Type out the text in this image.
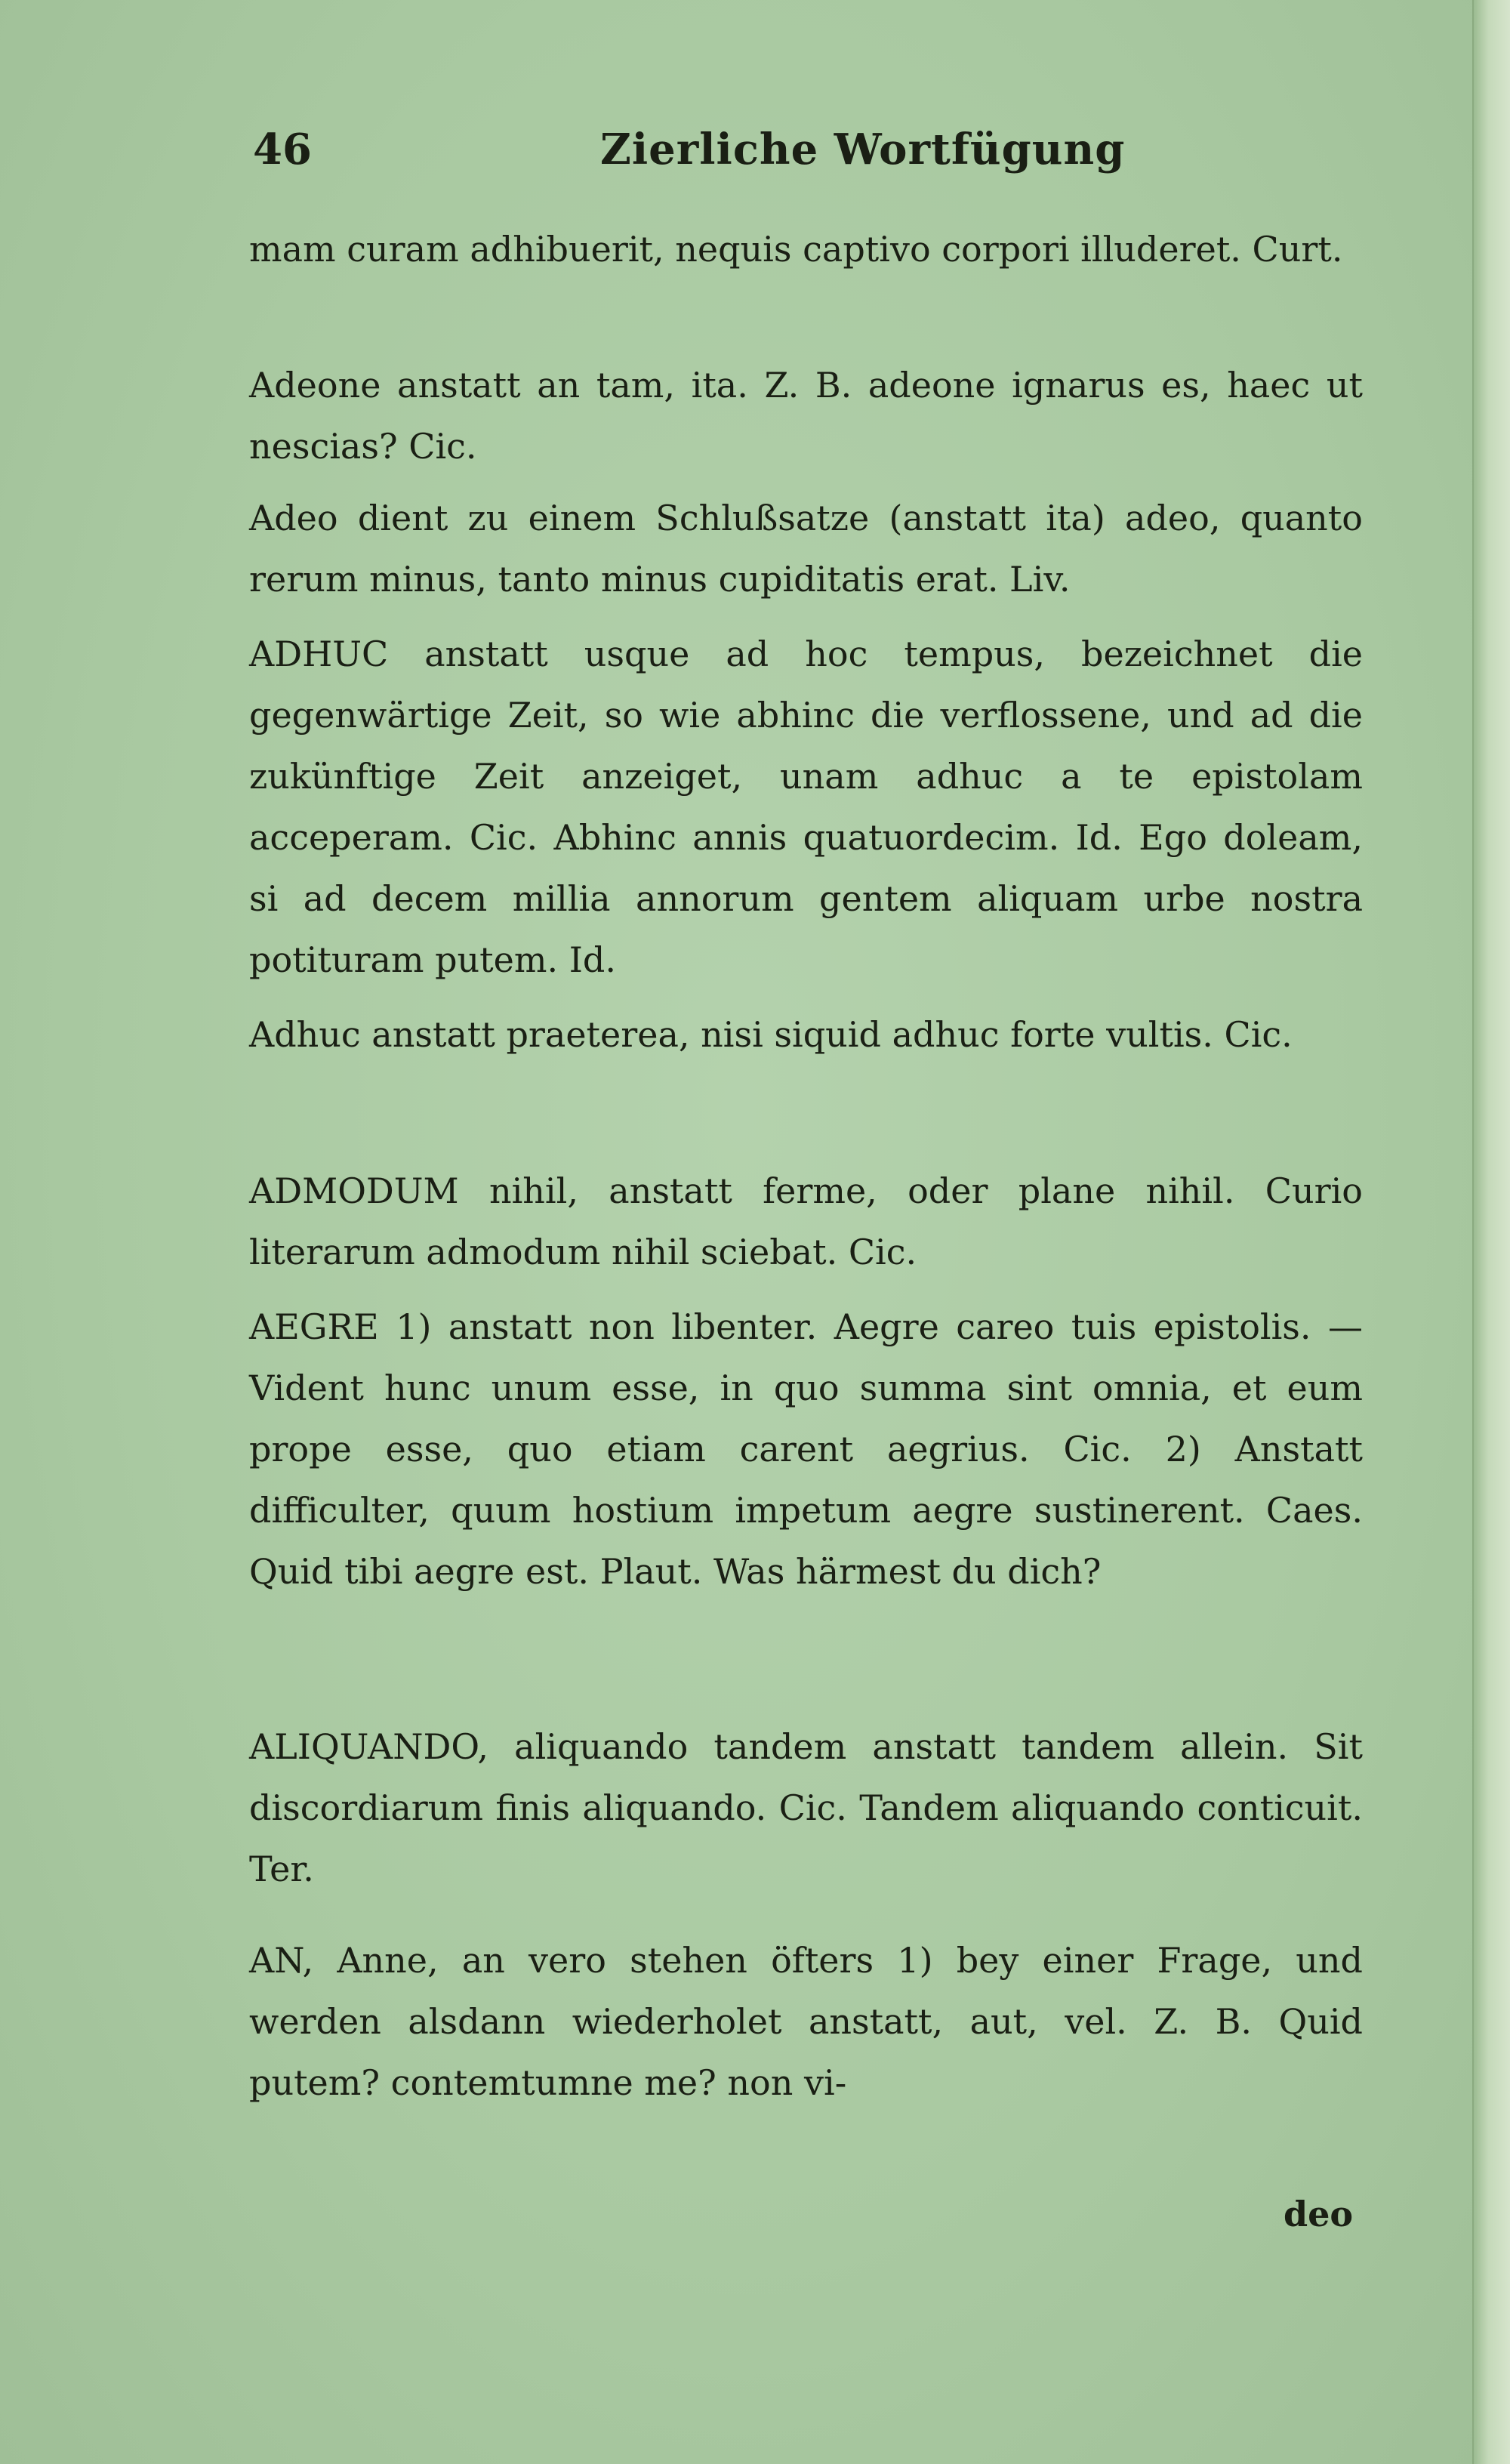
46	Zierliche Wortfügung

mam curam adhibuerit, nequis captivo corpori illuderet. Curt.

Adeone anstatt an tam, ita. Z. B. adeone ignarus es, haec ut nescias? Cic.

Adeo dient zu einem Schlußsatze (anstatt ita) adeo, quanto rerum minus, tanto minus cupiditatis erat. Liv.

ADHUC anstatt usque ad hoc tempus, bezeichnet die gegenwärtige Zeit, so wie abhinc die verflossene, und ad die zukünftige Zeit anzeiget, unam adhuc a te epistolam acceperam. Cic. Abhinc annis quatuordecim. Id. Ego doleam, si ad decem millia annorum gentem aliquam urbe nostra potituram putem. Id.

Adhuc anstatt praeterea, nisi siquid adhuc forte vultis. Cic.

ADMODUM nihil, anstatt ferme, oder plane nihil. Curio literarum admodum nihil sciebat. Cic.

AEGRE 1) anstatt non libenter. Aegre careo tuis epistolis. — Vident hunc unum esse, in quo summa sint omnia, et eum prope esse, quo etiam carent aegrius. Cic. 2) Anstatt difficulter, quum hostium impetum aegre sustinerent. Caes. Quid tibi aegre est. Plaut. Was härmest du dich?

ALIQUANDO, aliquando tandem anstatt tandem allein. Sit discordiarum finis aliquando. Cic. Tandem aliquando conticuit. Ter.

AN, Anne, an vero stehen öfters 1) bey einer Frage, und werden alsdann wiederholet anstatt, aut, vel. Z. B. Quid putem? contemtumne me? non vi-

deo
